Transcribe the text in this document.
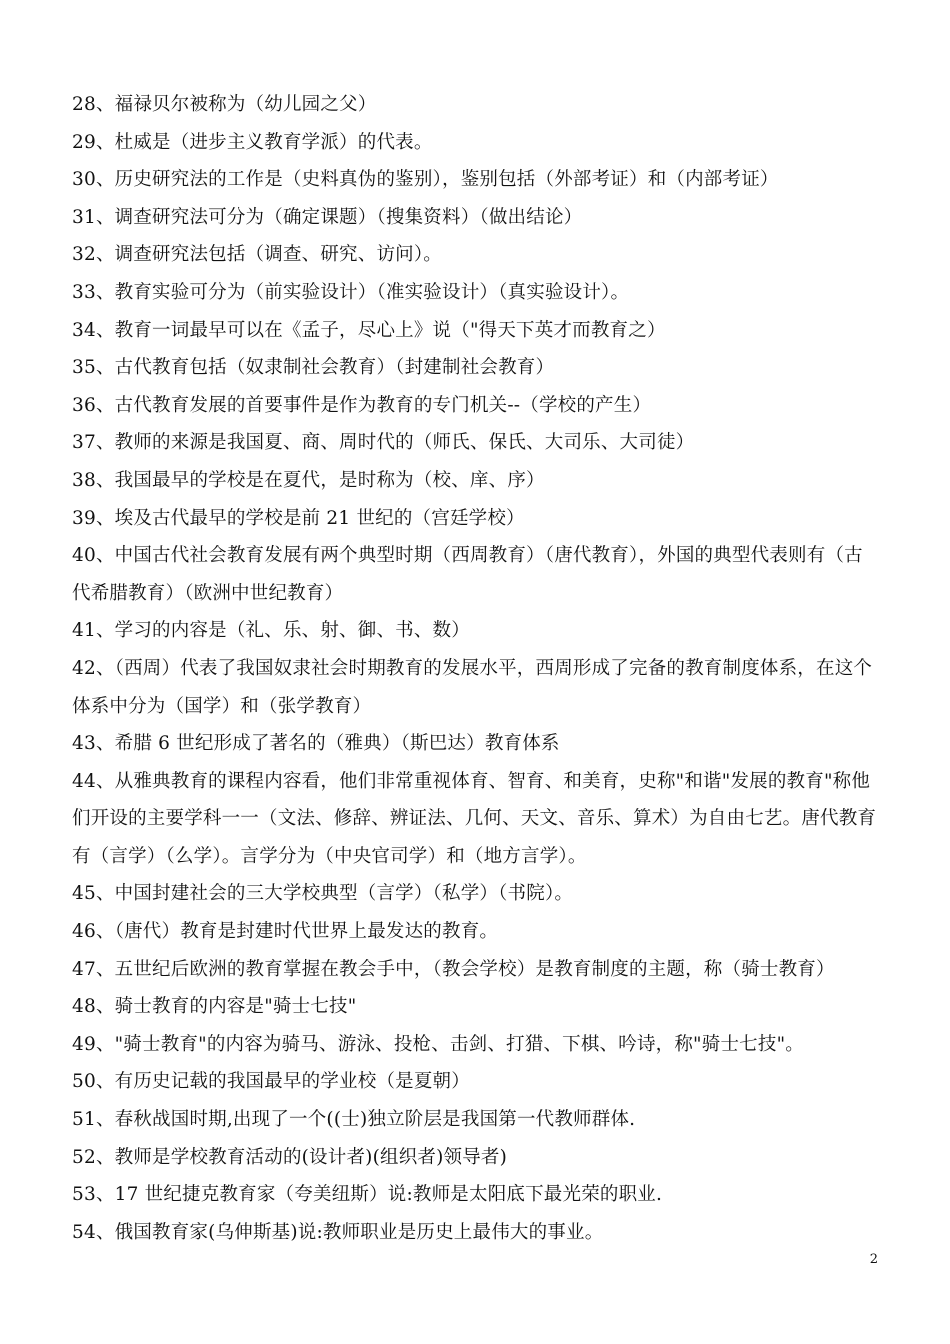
28、福禄贝尔被称为（幼儿园之父）

29、杜威是（进步主义教育学派）的代表。

30、历史研究法的工作是（史料真伪的鉴别），鉴别包括（外部考证）和（内部考证）

31、调查研究法可分为（确定课题）（搜集资料）（做出结论）

32、调查研究法包括（调查、研究、访问）。

33、教育实验可分为（前实验设计）（准实验设计）（真实验设计）。

34、教育一词最早可以在《孟子，尽心上》说（"得天下英才而教育之）

35、古代教育包括（奴隶制社会教育）（封建制社会教育）

36、古代教育发展的首要事件是作为教育的专门机关--（学校的产生）

37、教师的来源是我国夏、商、周时代的（师氏、保氏、大司乐、大司徒）

38、我国最早的学校是在夏代，是时称为（校、庠、序）

39、埃及古代最早的学校是前 21 世纪的（宫廷学校）

40、中国古代社会教育发展有两个典型时期（西周教育）（唐代教育），外国的典型代表则有（古代希腊教育）（欧洲中世纪教育）

41、学习的内容是（礼、乐、射、御、书、数）

42、（西周）代表了我国奴隶社会时期教育的发展水平，西周形成了完备的教育制度体系，在这个体系中分为（国学）和（张学教育）

43、希腊 6 世纪形成了著名的（雅典）（斯巴达）教育体系

44、从雅典教育的课程内容看，他们非常重视体育、智育、和美育，史称"和谐"发展的教育"称他们开设的主要学科一一（文法、修辞、辨证法、几何、天文、音乐、算术）为自由七艺。唐代教育有（言学）（么学）。言学分为（中央官司学）和（地方言学）。

45、中国封建社会的三大学校典型（言学）（私学）（书院）。

46、（唐代）教育是封建时代世界上最发达的教育。

47、五世纪后欧洲的教育掌握在教会手中，（教会学校）是教育制度的主题，称（骑士教育）

48、骑士教育的内容是"骑士七技"

49、"骑士教育"的内容为骑马、游泳、投枪、击剑、打猎、下棋、吟诗，称"骑士七技"。

50、有历史记载的我国最早的学业校（是夏朝）

51、春秋战国时期,出现了一个((士)独立阶层是我国第一代教师群体.

52、教师是学校教育活动的(设计者)(组织者)领导者)

53、17 世纪捷克教育家（夸美纽斯）说:教师是太阳底下最光荣的职业.

54、俄国教育家(乌伸斯基)说:教师职业是历史上最伟大的事业。

2
